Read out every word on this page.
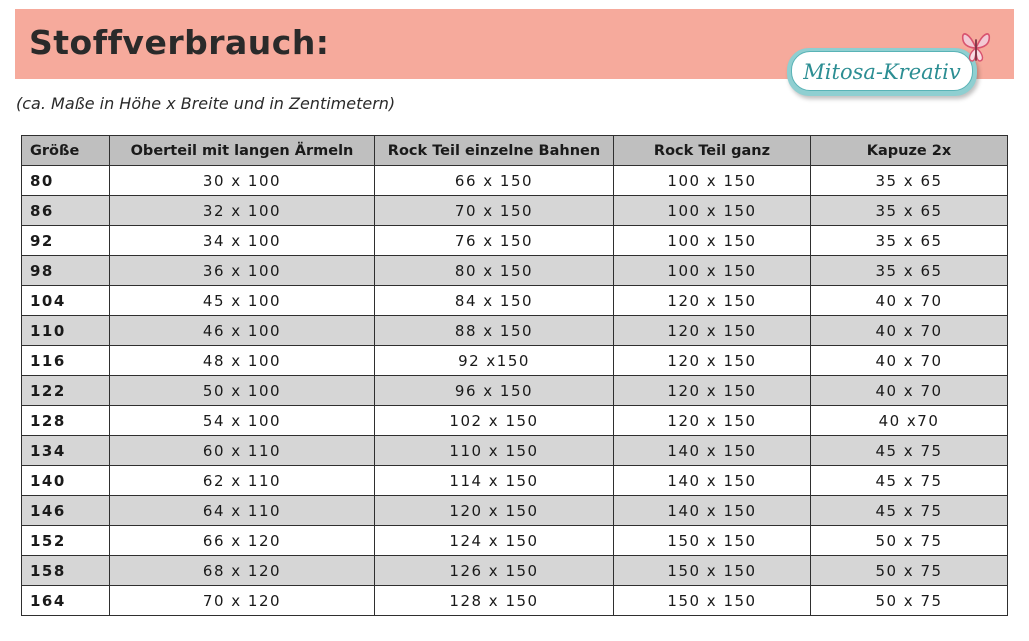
Stoffverbrauch:
(ca. Maße in Höhe x Breite und in Zentimetern)
Mitosa-Kreativ
Größe	Oberteil mit langen Ärmeln	Rock Teil einzelne Bahnen	Rock Teil ganz	Kapuze 2x
80	30 x 100	66 x 150	100 x 150	35 x 65
86	32 x 100	70 x 150	100 x 150	35 x 65
92	34 x 100	76 x 150	100 x 150	35 x 65
98	36 x 100	80 x 150	100 x 150	35 x 65
104	45 x 100	84 x 150	120 x 150	40 x 70
110	46 x 100	88 x 150	120 x 150	40 x 70
116	48 x 100	92 x150	120 x 150	40 x 70
122	50 x 100	96 x 150	120 x 150	40 x 70
128	54 x 100	102 x 150	120 x 150	40 x70
134	60 x 110	110 x 150	140 x 150	45 x 75
140	62 x 110	114 x 150	140 x 150	45 x 75
146	64 x 110	120 x 150	140 x 150	45 x 75
152	66 x 120	124 x 150	150 x 150	50 x 75
158	68 x 120	126 x 150	150 x 150	50 x 75
164	70 x 120	128 x 150	150 x 150	50 x 75
